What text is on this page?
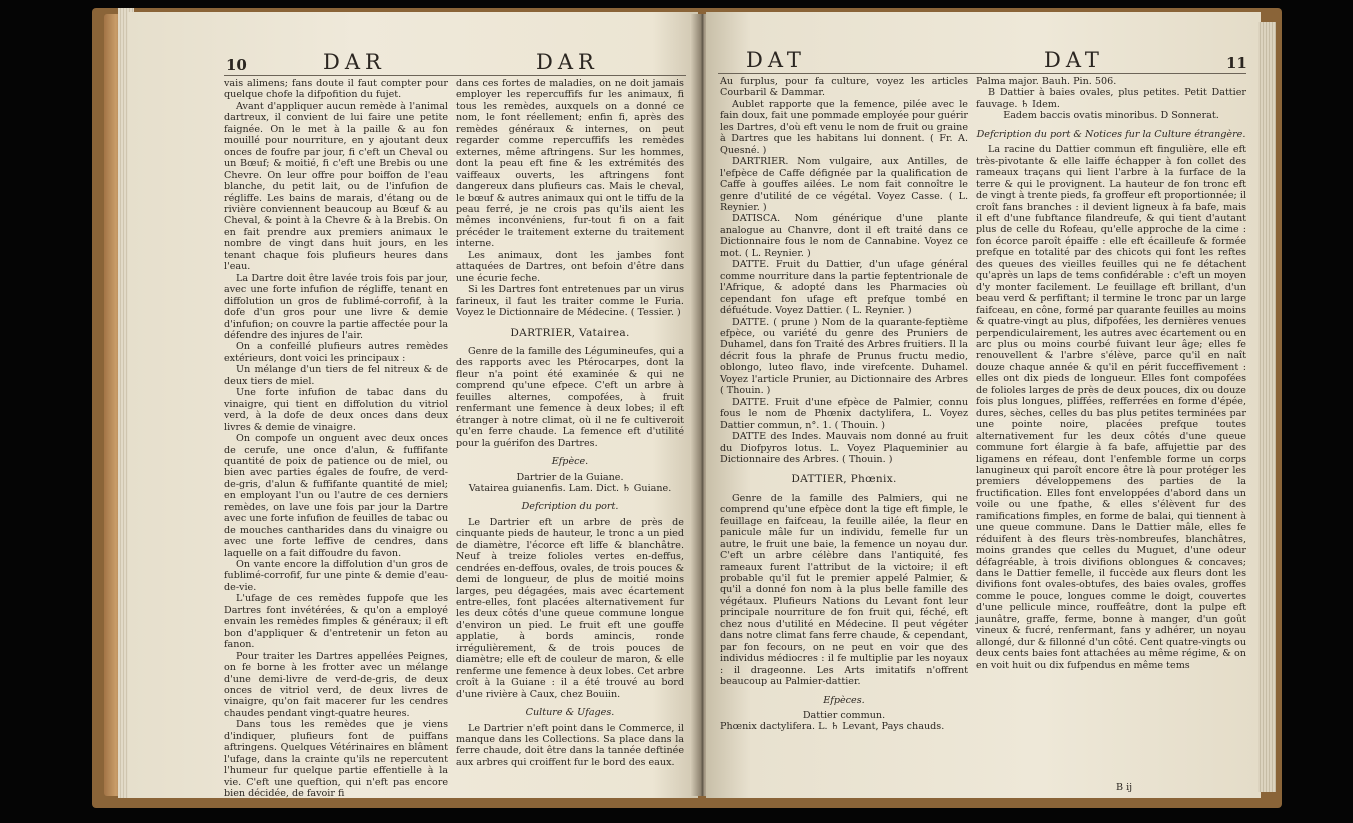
10	DAR	DAR

vais alimens; fans doute il faut compter pour quelque chofe la difpofition du fujet.

Avant d'appliquer aucun remède à l'animal dartreux, il convient de lui faire une petite faignée. On le met à la paille & au fon mouillé pour nourriture, en y ajoutant deux onces de foufre par jour, fi c'eft un Cheval ou un Bœuf; & moitié, fi c'eft une Brebis ou une Chevre. On leur offre pour boiffon de l'eau blanche, du petit lait, ou de l'infufion de régliffe. Les bains de marais, d'étang ou de rivière conviennent beaucoup au Bœuf & au Cheval, & point à la Chevre & à la Brebis. On en fait prendre aux premiers animaux le nombre de vingt dans huit jours, en les tenant chaque fois plufieurs heures dans l'eau.

La Dartre doit être lavée trois fois par jour, avec une forte infufion de régliffe, tenant en diffolution un gros de fublimé-corrofif, à la dofe d'un gros pour une livre & demie d'infufion; on couvre la partie affectée pour la défendre des injures de l'air.

On a confeillé plufieurs autres remèdes extérieurs, dont voici les principaux :

Un mélange d'un tiers de fel nitreux & de deux tiers de miel.

Une forte infufion de tabac dans du vinaigre, qui tient en diffolution du vitriol verd, à la dofe de deux onces dans deux livres & demie de vinaigre.

On compofe un onguent avec deux onces de cerufe, une once d'alun, & fuffifante quantité de poix de patience ou de miel, ou bien avec parties égales de foufre, de verd-de-gris, d'alun & fuffifante quantité de miel; en employant l'un ou l'autre de ces derniers remèdes, on lave une fois par jour la Dartre avec une forte infufion de feuilles de tabac ou de mouches cantharides dans du vinaigre ou avec une forte leffive de cendres, dans laquelle on a fait diffoudre du favon.

On vante encore la diffolution d'un gros de fublimé-corrofif, fur une pinte & demie d'eau-de-vie.

L'ufage de ces remèdes fuppofe que les Dartres font invétérées, & qu'on a employé envain les remèdes fimples & généraux; il eft bon d'appliquer & d'entretenir un feton au fanon.

Pour traiter les Dartres appellées Peignes, on fe borne à les frotter avec un mélange d'une demi-livre de verd-de-gris, de deux onces de vitriol verd, de deux livres de vinaigre, qu'on fait macerer fur les cendres chaudes pendant vingt-quatre heures.

Dans tous les remèdes que je viens d'indiquer, plufieurs font de puiffans aftringens. Quelques Vétérinaires en blâment l'ufage, dans la crainte qu'ils ne repercutent l'humeur fur quelque partie effentielle à la vie. C'eft une queftion, qui n'eft pas encore bien décidée, de favoir fi

dans ces fortes de maladies, on ne doit jamais employer les repercuffifs fur les animaux, fi tous les remèdes, auxquels on a donné ce nom, le font réellement; enfin fi, après des remèdes généraux & internes, on peut regarder comme repercuffifs les remèdes externes, même aftringens. Sur les hommes, dont la peau eft fine & les extrémités des vaiffeaux ouverts, les aftringens font dangereux dans plufieurs cas. Mais le cheval, le bœuf & autres animaux qui ont le tiffu de la peau ferré, je ne crois pas qu'ils aient les mêmes inconvéniens, fur-tout fi on a fait précéder le traitement externe du traitement interne.

Les animaux, dont les jambes font attaquées de Dartres, ont befoin d'être dans une écurie feche.

Si les Dartres font entretenues par un virus farineux, il faut les traiter comme le Furia. Voyez le Dictionnaire de Médecine. ( Tessier. )

DARTRIER, Vatairea.

Genre de la famille des Légumineufes, qui a des rapports avec les Ptérocarpes, dont la fleur n'a point été examinée & qui ne comprend qu'une efpece. C'eft un arbre à feuilles alternes, compofées, à fruit renfermant une femence à deux lobes; il eft étranger à notre climat, où il ne fe cultiveroit qu'en ferre chaude. La femence eft d'utilité pour la guérifon des Dartres.

Efpèce.

Dartrier de la Guiane.

Vatairea guianenfis. Lam. Dict. ♄ Guiane.

Defcription du port.

Le Dartrier eft un arbre de près de cinquante pieds de hauteur, le tronc a un pied de diamètre, l'écorce eft liffe & blanchâtre. Neuf à treize folioles vertes en-deffus, cendrées en-deffous, ovales, de trois pouces & demi de longueur, de plus de moitié moins larges, peu dégagées, mais avec écartement entre-elles, font placées alternativement fur les deux côtés d'une queue commune longue d'environ un pied. Le fruit eft une gouffe applatie, à bords amincis, ronde irrégulièrement, & de trois pouces de diamètre; elle eft de couleur de maron, & elle renferme une femence à deux lobes. Cet arbre croît à la Guiane : il a été trouvé au bord d'une rivière à Caux, chez Bouiin.

Culture & Ufages.

Le Dartrier n'eft point dans le Commerce, il manque dans les Collections. Sa place dans la ferre chaude, doit être dans la tannée deftinée aux arbres qui croiffent fur le bord des eaux.

DAT	DAT	11

Au furplus, pour fa culture, voyez les articles Courbaril & Dammar.

Aublet rapporte que la femence, pilée avec le fain doux, fait une pommade employée pour guérir les Dartres, d'où eft venu le nom de fruit ou graine à Dartres que les habitans lui donnent. ( Fr. A. Quesné. )

DARTRIER. Nom vulgaire, aux Antilles, de l'efpèce de Caffe défignée par la qualification de Caffe à gouffes ailées. Le nom fait connoître le genre d'utilité de ce végétal. Voyez Casse. ( L. Reynier. )

DATISCA. Nom générique d'une plante analogue au Chanvre, dont il eft traité dans ce Dictionnaire fous le nom de Cannabine. Voyez ce mot. ( L. Reynier. )

DATTE. Fruit du Dattier, d'un ufage général comme nourriture dans la partie feptentrionale de l'Afrique, & adopté dans les Pharmacies où cependant fon ufage eft prefque tombé en défuétude. Voyez Dattier. ( L. Reynier. )

DATTE. ( prune ) Nom de la quarante-feptième efpèce, ou variété du genre des Pruniers de Duhamel, dans fon Traité des Arbres fruitiers. Il la décrit fous la phrafe de Prunus fructu medio, oblongo, luteo flavo, inde virefcente. Duhamel. Voyez l'article Prunier, au Dictionnaire des Arbres ( Thouin. )

DATTE. Fruit d'une efpèce de Palmier, connu fous le nom de Phœnix dactylifera, L. Voyez Dattier commun, n°. 1. ( Thouin. )

DATTE des Indes. Mauvais nom donné au fruit du Diofpyros lotus. L. Voyez Plaqueminier au Dictionnaire des Arbres. ( Thouin. )

DATTIER, Phœnix.

Genre de la famille des Palmiers, qui ne comprend qu'une efpèce dont la tige eft fimple, le feuillage en faifceau, la feuille ailée, la fleur en panicule mâle fur un individu, femelle fur un autre, le fruit une baie, la femence un noyau dur. C'eft un arbre célèbre dans l'antiquité, fes rameaux furent l'attribut de la victoire; il eft probable qu'il fut le premier appelé Palmier, & qu'il a donné fon nom à la plus belle famille des végétaux. Plufieurs Nations du Levant font leur principale nourriture de fon fruit qui, féché, eft chez nous d'utilité en Médecine. Il peut végéter dans notre climat fans ferre chaude, & cependant, par fon fecours, on ne peut en voir que des individus médiocres : il fe multiplie par les noyaux : il drageonne. Les Arts imitatifs n'offrent beaucoup au Palmier-dattier.

Efpèces.

Dattier commun.

Phœnix dactylifera. L. ♄ Levant, Pays chauds.

Palma major. Bauh. Pin. 506.

B Dattier à baies ovales, plus petites. Petit Dattier fauvage. ♄ Idem.

Eadem baccis ovatis minoribus. D Sonnerat.

Defcription du port & Notices fur la Culture étrangère.

La racine du Dattier commun eft fingulière, elle eft très-pivotante & elle laiffe échapper à fon collet des rameaux traçans qui lient l'arbre à la furface de la terre & qui le provignent. La hauteur de fon tronc eft de vingt à trente pieds, fa groffeur eft proportionnée; il croît fans branches : il devient ligneux à fa bafe, mais il eft d'une fubftance filandreufe, & qui tient d'autant plus de celle du Rofeau, qu'elle approche de la cime : fon écorce paroît épaiffe : elle eft écailleufe & formée prefque en totalité par des chicots qui font les reftes des queues des vieilles feuilles qui ne fe détachent qu'après un laps de tems confidérable : c'eft un moyen d'y monter facilement. Le feuillage eft brillant, d'un beau verd & perfiftant; il termine le tronc par un large faifceau, en cône, formé par quarante feuilles au moins & quatre-vingt au plus, difpofées, les dernières venues perpendiculairement, les autres avec écartement ou en arc plus ou moins courbé fuivant leur âge; elles fe renouvellent & l'arbre s'élève, parce qu'il en naît douze chaque année & qu'il en périt fucceffivement : elles ont dix pieds de longueur. Elles font compofées de folioles larges de près de deux pouces, dix ou douze fois plus longues, pliffées, refferrées en forme d'épée, dures, sèches, celles du bas plus petites terminées par une pointe noire, placées prefque toutes alternativement fur les deux côtés d'une queue commune fort élargie à fa bafe, affujettie par des ligamens en réfeau, dont l'enfemble forme un corps lanugineux qui paroît encore être là pour protéger les premiers développemens des parties de la fructification. Elles font enveloppées d'abord dans un voile ou une fpathe, & elles s'élèvent fur des ramifications fimples, en forme de balai, qui tiennent à une queue commune. Dans le Dattier mâle, elles fe réduifent à des fleurs très-nombreufes, blanchâtres, moins grandes que celles du Muguet, d'une odeur défagréable, à trois divifions oblongues & concaves; dans le Dattier femelle, il fuccède aux fleurs dont les divifions font ovales-obtufes, des baies ovales, groffes comme le pouce, longues comme le doigt, couvertes d'une pellicule mince, rouffeâtre, dont la pulpe eft jaunâtre, graffe, ferme, bonne à manger, d'un goût vineux & fucré, renfermant, fans y adhérer, un noyau allongé, dur & fillonné d'un côté. Cent quatre-vingts ou deux cents baies font attachées au même régime, & on en voit huit ou dix fufpendus en même tems

B ij
